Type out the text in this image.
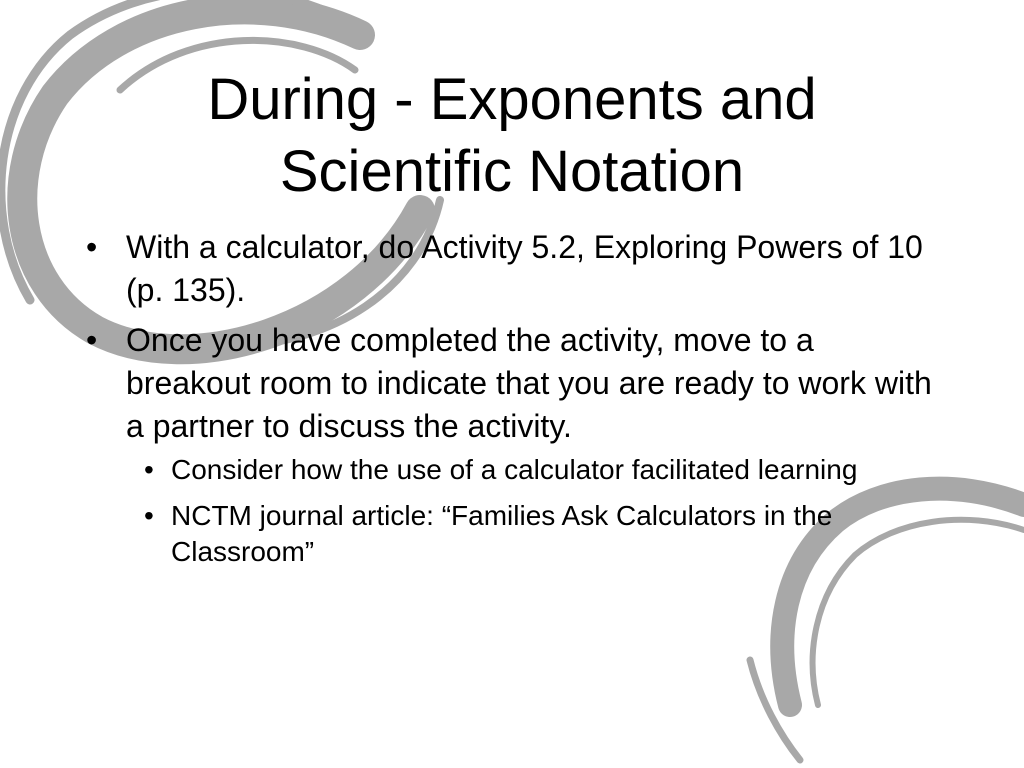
During - Exponents and Scientific Notation
• With a calculator, do Activity 5.2, Exploring Powers of 10 (p. 135).
• Once you have completed the activity, move to a breakout room to indicate that you are ready to work with a partner to discuss the activity.
• Consider how the use of a calculator facilitated learning
• NCTM journal article: “Families Ask Calculators in the Classroom”
